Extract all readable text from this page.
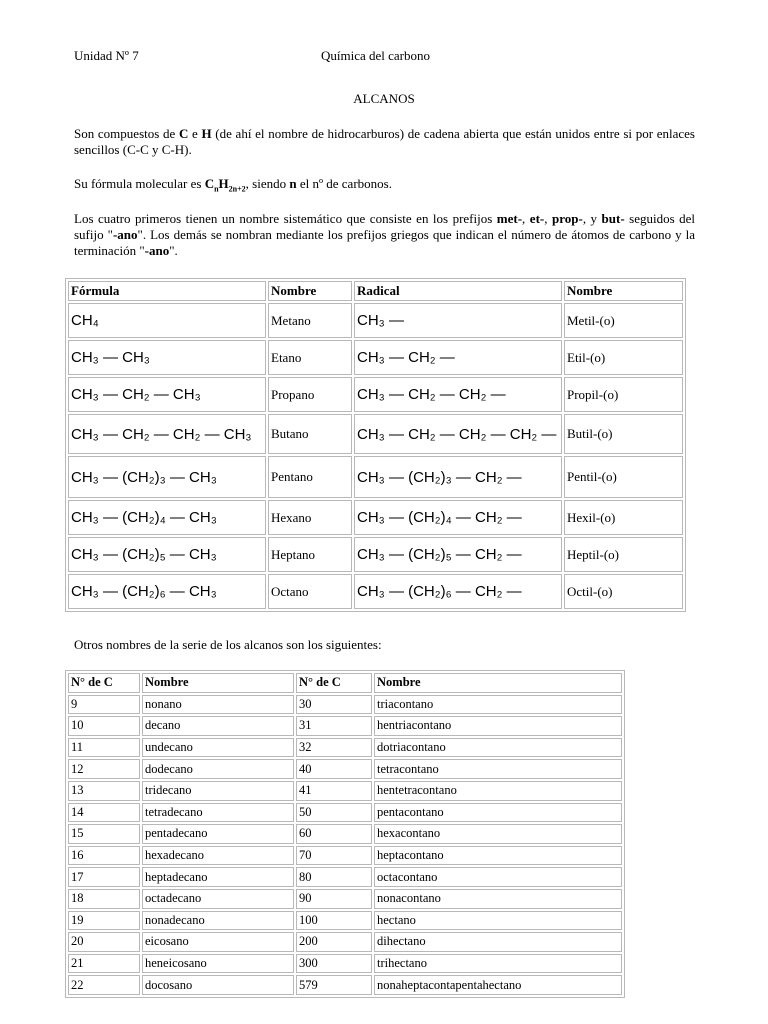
Unidad Nº 7	Química del carbono
ALCANOS
Son compuestos de C e H (de ahí el nombre de hidrocarburos) de cadena abierta que están unidos entre si por enlaces sencillos (C-C y C-H).
Su fórmula molecular es $C_nH_{2n+2}$, siendo n el nº de carbonos.
Los cuatro primeros tienen un nombre sistemático que consiste en los prefijos met-, et-, prop-, y but- seguidos del sufijo "-ano". Los demás se nombran mediante los prefijos griegos que indican el número de átomos de carbono y la terminación "-ano".
Fórmula	Nombre	Radical	Nombre
CH₄	Metano	CH₃ —	Metil-(o)
CH₃ — CH₃	Etano	CH₃ — CH₂ —	Etil-(o)
CH₃ — CH₂ — CH₃	Propano	CH₃ — CH₂ — CH₂ —	Propil-(o)
CH₃ — CH₂ — CH₂ — CH₃	Butano	CH₃ — CH₂ — CH₂ — CH₂ —	Butil-(o)
CH₃ — (CH₂)₃ — CH₃	Pentano	CH₃ — (CH₂)₃ — CH₂ —	Pentil-(o)
CH₃ — (CH₂)₄ — CH₃	Hexano	CH₃ — (CH₂)₄ — CH₂ —	Hexil-(o)
CH₃ — (CH₂)₅ — CH₃	Heptano	CH₃ — (CH₂)₅ — CH₂ —	Heptil-(o)
CH₃ — (CH₂)₆ — CH₃	Octano	CH₃ — (CH₂)₆ — CH₂ —	Octil-(o)
Otros nombres de la serie de los alcanos son los siguientes:
N° de C	Nombre	N° de C	Nombre
9	nonano	30	triacontano
10	decano	31	hentriacontano
11	undecano	32	dotriacontano
12	dodecano	40	tetracontano
13	tridecano	41	hentetracontano
14	tetradecano	50	pentacontano
15	pentadecano	60	hexacontano
16	hexadecano	70	heptacontano
17	heptadecano	80	octacontano
18	octadecano	90	nonacontano
19	nonadecano	100	hectano
20	eicosano	200	dihectano
21	heneicosano	300	trihectano
22	docosano	579	nonaheptacontapentahectano
